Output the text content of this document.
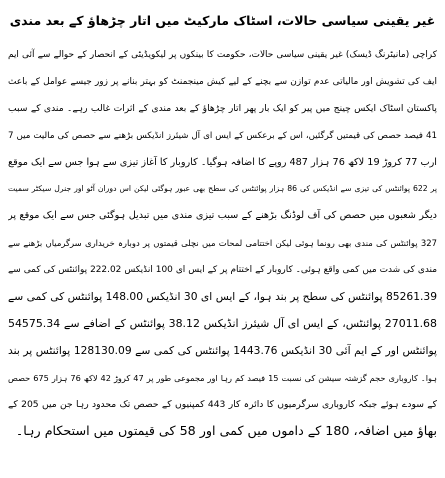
غیر یقینی سیاسی حالات، اسٹاک مارکیٹ میں اتار چڑھاؤ کے بعد مندی
کراچی (مانیٹرنگ ڈیسک) غیر یقینی سیاسی حالات، حکومت کا بینکوں پر لیکویڈیٹی کے انحصار کے حوالے سے آئی ایم
ایف کی تشویش اور مالیاتی عدم توازن سے بچنے کے لیے کیش مینجمنٹ کو بہتر بنانے پر زور جیسے عوامل کے باعث
پاکستان اسٹاک ایکس چینج میں پیر کو ایک بار پھر اتار چڑھاؤ کے بعد مندی کے اثرات غالب رہے۔ مندی کے سبب
41 فیصد حصص کی قیمتیں گرگئیں، اس کے برعکس کے ایس ای آل شیئرز انڈیکس بڑھنے سے حصص کی مالیت میں 7
ارب 77 کروڑ 19 لاکھ 76 ہزار 487 روپے کا اضافہ ہوگیا۔ کاروبار کا آغاز تیزی سے ہوا جس سے ایک موقع
پر 622 پوائنٹس کی تیزی سے انڈیکس کی 86 ہزار پوائنٹس کی سطح بھی عبور ہوگئی لیکن اس دوران آٹو اور جنرل سیکٹر سمیت
دیگر شعبوں میں حصص کی آف لوڈنگ بڑھنے کے سبب تیزی مندی میں تبدیل ہوگئی جس سے ایک موقع پر
327 پوائنٹس کی مندی بھی رونما ہوئی لیکن اختتامی لمحات میں نچلی قیمتوں پر دوبارہ خریداری سرگرمیاں بڑھنے سے
مندی کی شدت میں کمی واقع ہوئی۔ کاروبار کے اختتام پر کے ایس ای 100 انڈیکس 222.02 پوائنٹس کی کمی سے
85261.39 پوائنٹس کی سطح پر بند ہوا، کے ایس ای 30 انڈیکس 148.00 پوائنٹس کی کمی سے
27011.68 پوائنٹس، کے ایس ای آل شیئرز انڈیکس 38.12 پوائنٹس کے اضافے سے 54575.34
پوائنٹس اور کے ایم آئی 30 انڈیکس 1443.76 پوائنٹس کی کمی سے 128130.09 پوائنٹس پر بند
ہوا۔ کاروباری حجم گزشتہ سیشن کی نسبت 15 فیصد کم رہا اور مجموعی طور پر 47 کروڑ 42 لاکھ 76 ہزار 675 حصص
کے سودے ہوئے جبکہ کاروباری سرگرمیوں کا دائرہ کار 443 کمپنیوں کے حصص تک محدود رہا جن میں 205 کے
بھاؤ میں اضافہ، 180 کے داموں میں کمی اور 58 کی قیمتوں میں استحکام رہا۔
